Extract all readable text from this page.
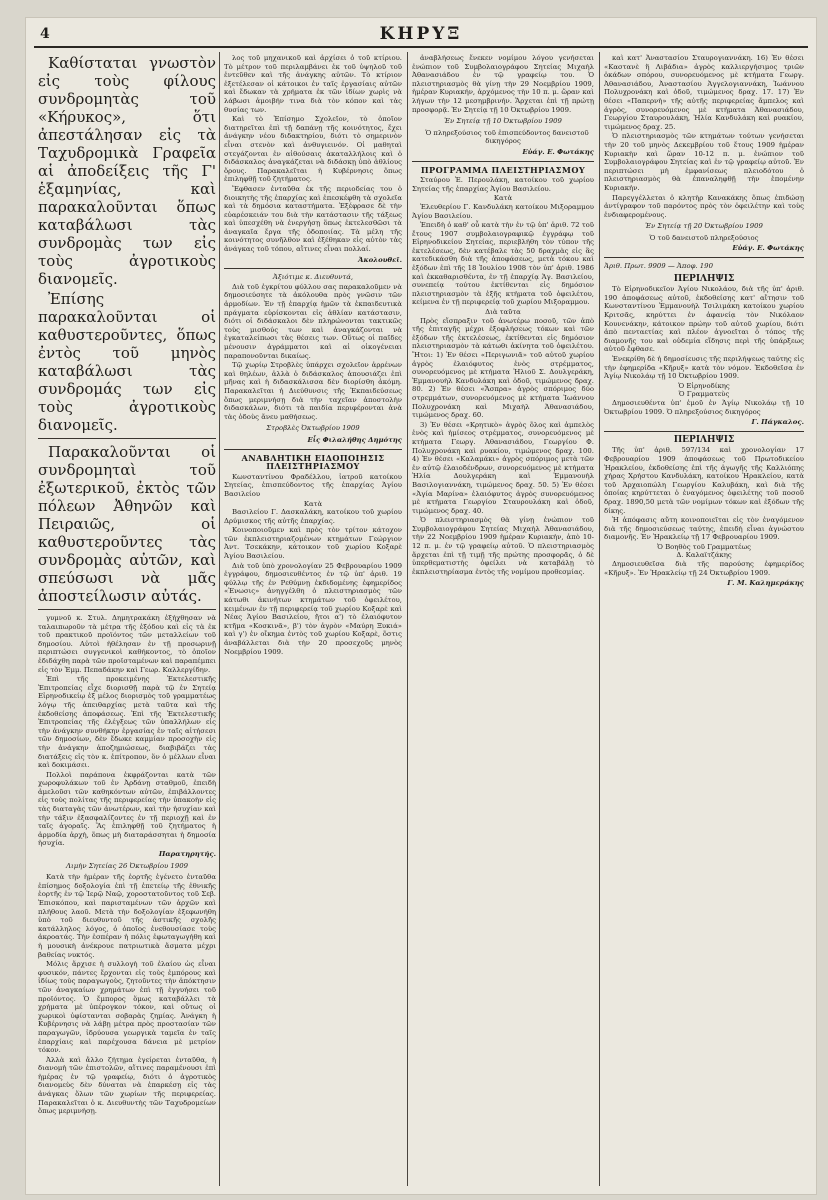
4	ΚΗΡΥΞ

Καθίσταται γνωστὸν εἰς τοὺς φίλους συνδρομητὰς τοῦ «Κήρυκος», ὅτι ἀπεστάλησαν εἰς τὰ Ταχυδρομικὰ Γραφεῖα αἱ ἀποδείξεις τῆς Γ' ἑξαμηνίας, καὶ παρακαλοῦνται ὅπως καταβάλωσι τὰς συνδρομὰς των εἰς τοὺς ἀγροτικοὺς διανομεῖς.

Ἐπίσης παρακαλοῦνται οἱ καθυστεροῦντες, ὅπως ἐντὸς τοῦ μηνὸς καταβάλωσι τὰς συνδρομάς των εἰς τοὺς ἀγροτικοὺς διανομεῖς.

Παρακαλοῦνται οἱ συνδρομηταὶ τοῦ ἐξωτερικοῦ, ἐκτὸς τῶν πόλεων Ἀθηνῶν καὶ Πειραιῶς, οἱ καθυστεροῦντες τὰς συνδρομὰς αὐτῶν, καὶ σπεύσωσι νὰ μᾶς ἀποστείλωσιν αὐτάς.

γυμνοῦ κ. Στυλ. Δημητρακάκη ἐξήχθησαν νὰ ταλαιπωροῦν τὰ μέτρα τῆς ἐξόδου καὶ εἰς τὰ ἐκ τοῦ πρακτικοῦ προϊόντος τῶν μεταλλείων τοῦ δημοσίου. Αὐτοὶ ἠθέλησαν ἐν τῇ προσωρινῇ περιπτώσει συγγενικοὶ καθήκοντος, τὸ ὁποῖον ἐδιδάχθη παρὰ τῶν προϊσταμένων καὶ παραπέμπει εἰς τὸν Ἐμμ. Πεπαδάκην καὶ Γεωρ. Καλλεργίδην.

Ἐπὶ τῆς προκειμένης Ἐκτελεστικῆς Ἐπιτροπείας εἶχε διορισθῇ παρὰ τῷ ἐν Σητείᾳ Εἰρηνοδικείῳ ἐξ μέλος διορισμὸς τοῦ γραμματέως λόγῳ τῆς ἀπειθαρχίας μετὰ ταῦτα καὶ τῆς ἐκδοθείσης ἀποφάσεως. Ἐπὶ τῆς Ἐκτελεστικῆς Ἐπιτροπείας τῆς ἐλέγξεως τῶν ὑπαλλήλων εἰς τὴν ἀνάγκην συνθήκην ἐργασίας ἐν ταῖς αἰτήσεσι τῶν δημοσίων, δὲν ἔδωκε καμμίαν προσοχὴν εἰς τὴν ἀνάγκην ἀποζημιώσεως, διαβιβάζει τὰς διατάξεις εἰς τὸν κ. ἐπίτροπον, ὅν ὁ μέλλων εἶναι καὶ δοκιμάσει.

Πολλοὶ παράπονα ἐκφράζονται κατὰ τῶν χωροφυλάκων τοῦ ἐν Ἀρδάνῃ σταθμοῦ, ἐπειδὴ ἀμελοῦσι τῶν καθηκόντων αὐτῶν, ἐπιβάλλοντες εἰς τοὺς πολίτας τῆς περιφερείας τὴν ὑπακοὴν εἰς τὰς διαταγὰς τῶν ἀνωτέρων, καὶ τὴν ἡσυχίαν καὶ τὴν τάξιν ἐξασφαλίζοντες ἐν τῇ περιοχῇ καὶ ἐν ταῖς ἀγοραῖς. Ἂς ἐπιληφθῇ τοῦ ζητήματος ἡ ἁρμοδία ἀρχὴ, ὅπως μὴ διαταράσσηται ἡ δημοσία ἡσυχία.

Παρατηρητής.
Λιμὴν Σητείας 26 Ὀκτωβρίου 1909

Κατὰ τὴν ἡμέραν τῆς ἑορτῆς ἐγένετο ἐνταῦθα ἐπίσημος δοξολογία ἐπὶ τῇ ἐπετείῳ τῆς ἐθνικῆς ἑορτῆς ἐν τῷ Ἱερῷ Ναῷ, χοροστατοῦντος τοῦ Σεβ. Ἐπισκόπου, καὶ παρισταμένων τῶν ἀρχῶν καὶ πλήθους λαοῦ. Μετὰ τὴν δοξολογίαν ἐξεφωνήθη ὑπὸ τοῦ διευθυντοῦ τῆς ἀστικῆς σχολῆς κατάλληλος λόγος, ὁ ὁποῖος ἐνεθουσίασε τοὺς ἀκροατάς. Τὴν ἑσπέραν ἡ πόλις ἐφωταγωγήθη καὶ ἡ μουσικὴ ἀνέκρουε πατριωτικὰ ἄσματα μέχρι βαθείας νυκτός.

Μόλις ἄρχισε ἡ συλλογὴ τοῦ ἐλαίου ὡς εἶναι φυσικόν, πάντες ἔρχονται εἰς τοὺς ἐμπόρους καὶ ἰδίως τοὺς παραγωγοὺς, ζητοῦντες τὴν ἀπόκτησιν τῶν ἀναγκαίων χρημάτων ἐπὶ τῇ ἐγγυήσει τοῦ προϊόντος. Ὁ ἔμπορος ὅμως καταβάλλει τὰ χρήματα μὲ ὑπέρογκον τόκον, καὶ οὕτως οἱ χωρικοὶ ὑφίστανται σοβαρὰς ζημίας. Ἀνάγκη ἡ Κυβέρνησις νὰ λάβῃ μέτρα πρὸς προστασίαν τῶν παραγωγῶν, ἱδρύουσα γεωργικὰ ταμεῖα ἐν ταῖς ἐπαρχίαις καὶ παρέχουσα δάνεια μὲ μετρίον τόκον.

Ἀλλὰ καὶ ἄλλο ζήτημα ἐγείρεται ἐνταῦθα, ἡ διανομὴ τῶν ἐπιστολῶν, αἵτινες παραμένουσι ἐπὶ ἡμέρας ἐν τῷ γραφείῳ, διότι ὁ ἀγροτικὸς διανομεὺς δὲν δύναται νὰ ἐπαρκέσῃ εἰς τὰς ἀνάγκας ὅλων τῶν χωρίων τῆς περιφερείας. Παρακαλεῖται ὁ κ. Διευθυντὴς τῶν Ταχυδρομείων ὅπως μεριμνήσῃ.

λος τοῦ μηχανικοῦ καὶ ἀρχίσει ὁ τοῦ κτίριου. Τὸ μέτρον τοῦ περιλαμβάνει ἐκ τοῦ ὑψηλοῦ τοῦ ἐντεῦθεν καὶ τῆς ἀνάγκης αὐτῶν. Τὸ κτίριον ἐξετέλεσαν οἱ κάτοικοι ἐν ταῖς ἐργασίαις αὐτῶν καὶ ἔδωκαν τὰ χρήματα ἐκ τῶν ἰδίων χωρὶς νὰ λάβωσι ἀμοιβήν τινα διὰ τὸν κόπον καὶ τὰς θυσίας των.

Καὶ τὸ Ἐπίσημο Σχολεῖον, τὸ ὁποῖον διατηρεῖται ἐπὶ τῇ δαπάνῃ τῆς κοινότητος, ἔχει ἀνάγκην νέου διδακτηρίου, διότι τὸ σημερινὸν εἶναι στενὸν καὶ ἀνθυγιεινόν. Οἱ μαθηταὶ στεγάζονται ἐν αἰθούσαις ἀκαταλλήλοις καὶ ὁ διδάσκαλος ἀναγκάζεται νὰ διδάσκῃ ὑπὸ ἀθλίους ὅρους. Παρακαλεῖται ἡ Κυβέρνησις ὅπως ἐπιληφθῇ τοῦ ζητήματος.

Ἔφθασεν ἐνταῦθα ἐκ τῆς περιοδείας του ὁ διοικητὴς τῆς ἐπαρχίας καὶ ἐπεσκέφθη τὰ σχολεῖα καὶ τὰ δημόσια καταστήματα. Ἐξέφρασε δὲ τὴν εὐαρέσκειάν του διὰ τὴν κατάστασιν τῆς τάξεως καὶ ὑπεσχέθη νὰ ἐνεργήσῃ ὅπως ἐκτελεσθῶσι τὰ ἀναγκαῖα ἔργα τῆς ὁδοποιίας. Τὰ μέλη τῆς κοινότητος συνῆλθον καὶ ἐξέθηκαν εἰς αὐτὸν τὰς ἀνάγκας τοῦ τόπου, αἵτινες εἶναι πολλαί.

Ἀκολουθεῖ.
Ἀξιότιμε κ. Διευθυντά,

Διὰ τοῦ ἐγκρίτου φύλλου σας παρακαλοῦμεν νὰ δημοσιεύσητε τὰ ἀκόλουθα πρὸς γνῶσιν τῶν ἀρμοδίων. Ἐν τῇ ἐπαρχίᾳ ἡμῶν τὰ ἐκπαιδευτικὰ πράγματα εὑρίσκονται εἰς ἀθλίαν κατάστασιν, διότι οἱ διδάσκαλοι δὲν πληρώνονται τακτικῶς τοὺς μισθούς των καὶ ἀναγκάζονται νὰ ἐγκαταλείπωσι τὰς θέσεις των. Οὕτως οἱ παῖδες μένουσιν ἀγράμματοι καὶ αἱ οἰκογένειαι παραπονοῦνται δικαίως.

Τῷ χωρίῳ Στροβλὲς ὑπάρχει σχολεῖον ἀρρένων καὶ θηλέων, ἀλλὰ ὁ διδάσκαλος ἀπουσιάζει ἐπὶ μῆνας καὶ ἡ διδασκάλισσα δὲν διορίσθη ἀκόμη. Παρακαλεῖται ἡ Διεύθυνσις τῆς Ἐκπαιδεύσεως ὅπως μεριμνήσῃ διὰ τὴν ταχεῖαν ἀποστολὴν διδασκάλων, διότι τὰ παιδία περιφέρονται ἀνὰ τὰς ὁδοὺς ἄνευ μαθήσεως.

Στροβλὲς Ὀκτωβρίου 1909
Εἷς Φιλαλήθης Δημότης
ΑΝΑΒΛΗΤΙΚΗ ΕΙΔΟΠΟΙΗΣΙΣ ΠΛΕΙΣΤΗΡΙΑΣΜΟΥ

Κωνσταντίνου Φραδέλλου, ἰατροῦ κατοίκου Σητείας, ἐπισπεύδοντος τῆς ἐπαρχίας Ἁγίου Βασιλείου

Κατὰ

Βασιλείου Γ. Δασκαλάκη, κατοίκου τοῦ χωρίου Δρύμισκος τῆς αὐτῆς ἐπαρχίας.

Κοινοποιοῦμεν καὶ πρὸς τὸν τρίτον κάτοχον τῶν ἐκπλειστηριαζομένων κτημάτων Γεώργιον Ἀντ. Τσεκάκην, κάτοικον τοῦ χωρίου Κοξαρὲ Ἁγίου Βασιλείου.

Διὰ τοῦ ὑπὸ χρονολογίαν 25 Φεβρουαρίου 1909 ἐγγράφου, δημοσιευθέντος ἐν τῷ ὑπ' ἀριθ. 19 φύλλῳ τῆς ἐν Ρεθύμνῃ ἐκδιδομένης ἐφημερίδος «Ἐνωσις» ἀνηγγέλθη ὁ πλειστηριασμὸς τῶν κάτωθι ἀκινήτων κτημάτων τοῦ ὀφειλέτου, κειμένων ἐν τῇ περιφερείᾳ τοῦ χωρίου Κοξαρὲ καὶ Νέας Ἁγίου Βασιλείου, ἤτοι α') τὸ ἐλαιόφυτον κτῆμα «Κοσκινᾶ», β') τὸν ἀγρὸν «Μαύρη Ξυκιά» καὶ γ') ἐν οἴκημα ἐντὸς τοῦ χωρίου Κοξαρὲ, ὅστις ἀναβάλλεται διὰ τὴν 20 προσεχοῦς μηνὸς Νοεμβρίου 1909.

ἀναβλήσεως ἕνεκεν νομίμου λόγου γενήσεται ἐνώπιον τοῦ Συμβολαιογράφου Σητείας Μιχαὴλ Ἀθανασιάδου ἐν τῷ γραφείῳ του. Ὁ πλειστηριασμὸς θὰ γίνῃ τὴν 29 Νοεμβρίου 1909, ἡμέραν Κυριακήν, ἀρχόμενος τὴν 10 π. μ. ὥραν καὶ λήγων τὴν 12 μεσημβρινήν. Ἄρχεται ἐπὶ τῇ πρώτῃ προσφορᾷ. Ἐν Σητείᾳ τῇ 10 Ὀκτωβρίου 1909.

Ἐν Σητείᾳ τῇ 10 Ὀκτωβρίου 1909

Ὁ πληρεξούσιος τοῦ ἐπισπεύδοντος δανειστοῦ δικηγόρος

Εὐάγ. Ε. Φωτάκης
ΠΡΟΓΡΑΜΜΑ ΠΛΕΙΣΤΗΡΙΑΣΜΟΥ

Σταύρου Ἐ. Περουλάκη, κατοίκου τοῦ χωρίου Σητείας τῆς ἐπαρχίας Ἁγίου Βασιλείου.

Κατὰ

Ἐλευθερίου Γ. Κανδυλάκη κατοίκου Μιξοραμμου Ἁγίου Βασιλείου.

Ἐπειδὴ ὁ καθ' οὗ κατὰ τὴν ἐν τῷ ὑπ' ἀριθ. 72 τοῦ ἔτους 1907 συμβολαιογραφικῷ ἐγγράφῳ τοῦ Εἰρηνοδικείου Σητείας, περιεβλήθη τὸν τύπον τῆς ἐκτελέσεως, δὲν κατέβαλε τὰς 50 δραχμὰς εἰς ἃς κατεδικάσθη διὰ τῆς ἀποφάσεως, μετὰ τόκου καὶ ἐξόδων ἐπὶ τῆς 18 Ἰουλίου 1908 τὸν ὑπ' ἀριθ. 1986 καὶ ἐκκαθαρισθέντα, ἐν τῇ ἐπαρχίᾳ Ἁγ. Βασιλείου, συνεπείᾳ τούτου ἐκτίθενται εἰς δημόσιον πλειστηριασμὸν τὰ ἑξῆς κτήματα τοῦ ὀφειλέτου, κείμενα ἐν τῇ περιφερείᾳ τοῦ χωρίου Μιξοραμμου.

Διὰ ταῦτα

Πρὸς εἴσπραξιν τοῦ ἀνωτέρω ποσοῦ, τῶν ἀπὸ τῆς ἐπιταγῆς μέχρι ἐξοφλήσεως τόκων καὶ τῶν ἐξόδων τῆς ἐκτελέσεως, ἐκτίθενται εἰς δημόσιον πλειστηριασμὸν τὰ κάτωθι ἀκίνητα τοῦ ὀφειλέτου. Ἤτοι: 1) Ἐν θέσει «Περιγωνιᾶ» τοῦ αὐτοῦ χωρίου ἀγρὸς ἐλαιόφυτος ἑνὸς στρέμματος, συνορευόμενος μὲ κτήματα Ἠλιοῦ Σ. Δουλγεράκη, Ἐμμανουὴλ Κανδυλάκη καὶ ὁδοῦ, τιμώμενος δραχ. 80. 2) Ἐν θέσει «Ἄσπρα» ἀγρὸς σπόριμος δύο στρεμμάτων, συνορευόμενος μὲ κτήματα Ἰωάννου Πολυχρονάκη καὶ Μιχαὴλ Ἀθανασιάδου, τιμώμενος δραχ. 60.

3) Ἐν θέσει «Κρητικὸ» ἀγρὸς ὅλος καὶ ἀμπελὸς ἑνὸς καὶ ἡμίσεος στρέμματος, συνορευόμενος μὲ κτήματα Γεωργ. Ἀθανασιάδου, Γεωργίου Φ. Πολυχρονάκη καὶ ρυακίου, τιμώμενος δραχ. 100. 4) Ἐν θέσει «Καλαμάκι» ἀγρὸς σπόριμος μετὰ τῶν ἐν αὐτῷ ἐλαιοδένδρων, συνορευόμενος μὲ κτήματα Ἠλία Δουλγεράκη καὶ Ἐμμανουὴλ Βασιλογιαννάκη, τιμώμενος δραχ. 50. 5) Ἐν θέσει «Ἁγία Μαρίνα» ἐλαιόφυτος ἀγρὸς συνορευόμενος μὲ κτήματα Γεωργίου Σταυρουλάκη καὶ ὁδοῦ, τιμώμενος δραχ. 40.

Ὁ πλειστηριασμὸς θὰ γίνῃ ἐνώπιον τοῦ Συμβολαιογράφου Σητείας Μιχαὴλ Ἀθανασιάδου, τὴν 22 Νοεμβρίου 1909 ἡμέραν Κυριακήν, ἀπὸ 10-12 π. μ. ἐν τῷ γραφείῳ αὐτοῦ. Ὁ πλειστηριασμὸς ἄρχεται ἐπὶ τῇ τιμῇ τῆς πρώτης προσφορᾶς, ὁ δὲ ὑπερθεματιστὴς ὀφείλει νὰ καταβάλῃ τὸ ἐκπλειστηρίασμα ἐντὸς τῆς νομίμου προθεσμίας.

καὶ κατ' Ἀναστασίου Σταυρογιαννάκη. 16) Ἐν θέσει «Καστανὲ ἢ Λιβάδια» ἀγρὸς καλλιεργήσιμος τριῶν ὁκάδων σπόρου, συνορευόμενος μὲ κτήματα Γεωργ. Ἀθανασιάδου, Ἀναστασίου Ἀγγελογιαννάκη, Ἰωάννου Πολυχρονάκη καὶ ὁδοῦ, τιμώμενος δραχ. 17. 17) Ἐν θέσει «Παπερνὴ» τῆς αὐτῆς περιφερείας ἄμπελος καὶ ἀγρὸς, συνορευόμενος μὲ κτήματα Ἀθανασιάδου, Γεωργίου Σταυρουλάκη, Ἠλία Κανδυλάκη καὶ ρυακίου, τιμώμενος δραχ. 25.

Ὁ πλειστηριασμὸς τῶν κτημάτων τούτων γενήσεται τὴν 20 τοῦ μηνὸς Δεκεμβρίου τοῦ ἔτους 1909 ἡμέραν Κυριακὴν καὶ ὥραν 10-12 π. μ. ἐνώπιον τοῦ Συμβολαιογράφου Σητείας καὶ ἐν τῷ γραφείῳ αὐτοῦ. Ἐν περιπτώσει μὴ ἐμφανίσεως πλειοδότου ὁ πλειστηριασμὸς θὰ ἐπαναληφθῇ τὴν ἑπομένην Κυριακήν.

Παρεγγέλλεται ὁ κλητὴρ Κανακάκης ὅπως ἐπιδώσῃ ἀντίγραφον τοῦ παρόντος πρὸς τὸν ὀφειλέτην καὶ τοὺς ἐνδιαφερομένους.

Ἐν Σητείᾳ τῇ 20 Ὀκτωβρίου 1909
Ὁ τοῦ δανειστοῦ πληρεξούσιος
Εὐάγ. Ε. Φωτάκης
Ἀριθ. Πρωτ. 9909 — Ἀποφ. 190
ΠΕΡΙΛΗΨΙΣ

Τὸ Εἰρηνοδικεῖον Ἁγίου Νικολάου, διὰ τῆς ὑπ' ἀριθ. 190 ἀποφάσεως αὐτοῦ, ἐκδοθείσης κατ' αἴτησιν τοῦ Κωνσταντίνου Ἐμμανουὴλ Τσιλιμάκη κατοίκου χωρίου Κριτσᾶς, κηρύττει ἐν ἀφανείᾳ τὸν Νικόλαον Κουνενάκην, κάτοικον πρώην τοῦ αὐτοῦ χωρίου, διότι ἀπὸ πενταετίας καὶ πλέον ἀγνοεῖται ὁ τόπος τῆς διαμονῆς του καὶ οὐδεμία εἴδησις περὶ τῆς ὑπάρξεως αὐτοῦ ἔφθασε.

Ἐνεκρίθη δὲ ἡ δημοσίευσις τῆς περιλήψεως ταύτης εἰς τὴν ἐφημερίδα «Κῆρυξ» κατὰ τὸν νόμον. Ἐκδοθεῖσα ἐν Ἁγίῳ Νικολάῳ τῇ 10 Ὀκτωβρίου 1909.

Ὁ Εἰρηνοδίκης
Ὁ Γραμματεὺς

Δημοσιευθέντα ὑπ' ἐμοῦ ἐν Ἁγίῳ Νικολάῳ τῇ 10 Ὀκτωβρίου 1909. Ὁ πληρεξούσιος δικηγόρος

Γ. Πάγκαλος.
ΠΕΡΙΛΗΨΙΣ

Τῆς ὑπ' ἀριθ. 597/134 καὶ χρονολογίαν 17 Φεβρουαρίου 1909 ἀποφάσεως τοῦ Πρωτοδικείου Ἡρακλείου, ἐκδοθείσης ἐπὶ τῆς ἀγωγῆς τῆς Καλλιόπης χήρας Χρήστου Κανδυλάκη, κατοίκου Ἡρακλείου, κατὰ τοῦ Ἀρχαιοπώλη Γεωργίου Καλυβάκη, καὶ διὰ τῆς ὁποίας κηρύττεται ὁ ἐναγόμενος ὀφειλέτης τοῦ ποσοῦ δραχ. 1890,50 μετὰ τῶν νομίμων τόκων καὶ ἐξόδων τῆς δίκης.

Ἡ ἀπόφασις αὕτη κοινοποιεῖται εἰς τὸν ἐναγόμενον διὰ τῆς δημοσιεύσεως ταύτης, ἐπειδὴ εἶναι ἀγνώστου διαμονῆς. Ἐν Ἡρακλείῳ τῇ 17 Φεβρουαρίου 1909.

Ὁ Βοηθὸς τοῦ Γραμματέως
Δ. Καλαϊτζάκης

Δημοσιευθεῖσα διὰ τῆς παρούσης ἐφημερίδος «Κῆρυξ». Ἐν Ἡρακλείῳ τῇ 24 Ὀκτωβρίου 1909.

Γ. Μ. Καλημεράκης
